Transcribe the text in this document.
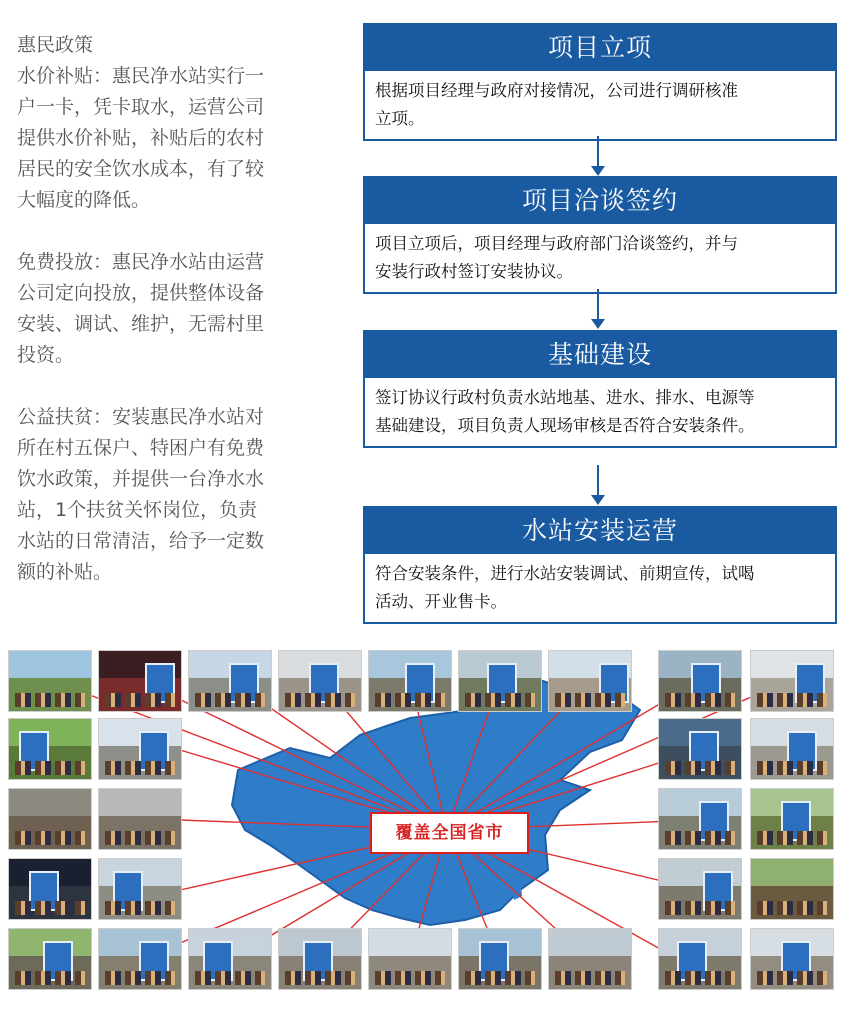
惠民政策

水价补贴：惠民净水站实行一

户一卡，凭卡取水，运营公司

提供水价补贴，补贴后的农村

居民的安全饮水成本，有了较

大幅度的降低。

免费投放：惠民净水站由运营

公司定向投放，提供整体设备

安装、调试、维护，无需村里

投资。

公益扶贫：安装惠民净水站对

所在村五保户、特困户有免费

饮水政策，并提供一台净水水

站，1个扶贫关怀岗位，负责

水站的日常清洁，给予一定数

额的补贴。

项目立项
根据项目经理与政府对接情况，公司进行调研核准
立项。
项目洽谈签约
项目立项后，项目经理与政府部门洽谈签约，并与
安装行政村签订安装协议。
基础建设
签订协议行政村负责水站地基、进水、排水、电源等
基础建设，项目负责人现场审核是否符合安装条件。
水站安装运营
符合安装条件，进行水站安装调试、前期宣传，试喝
活动、开业售卡。
覆盖全国省市
